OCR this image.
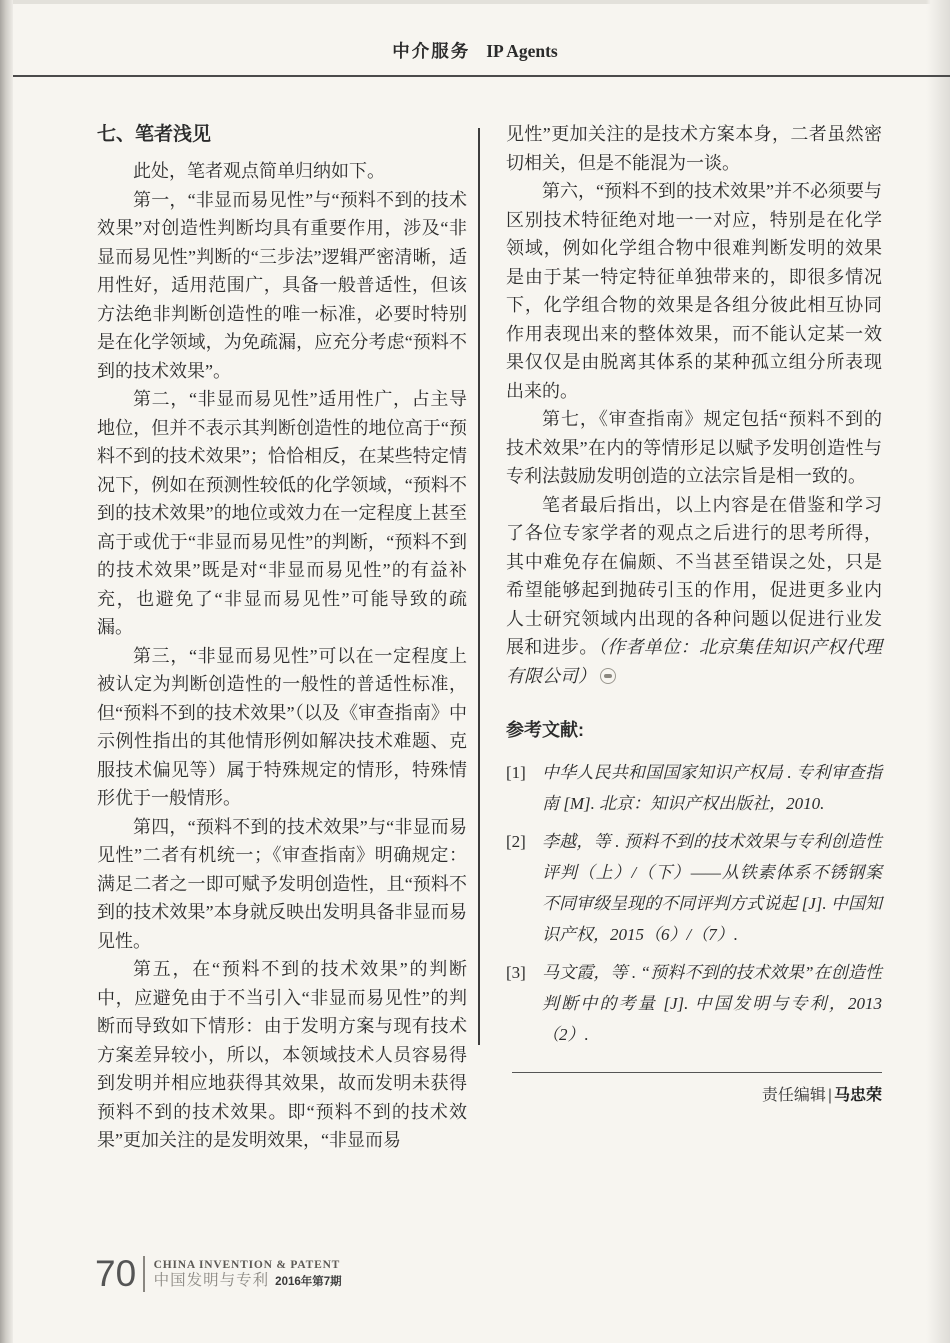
中介服务 IP Agents
七、笔者浅见

此处，笔者观点简单归纳如下。

第一，“非显而易见性”与“预料不到的技术效果”对创造性判断均具有重要作用，涉及“非显而易见性”判断的“三步法”逻辑严密清晰，适用性好，适用范围广，具备一般普适性，但该方法绝非判断创造性的唯一标准，必要时特别是在化学领域，为免疏漏，应充分考虑“预料不到的技术效果”。

第二，“非显而易见性”适用性广，占主导地位，但并不表示其判断创造性的地位高于“预料不到的技术效果”；恰恰相反，在某些特定情况下，例如在预测性较低的化学领域，“预料不到的技术效果”的地位或效力在一定程度上甚至高于或优于“非显而易见性”的判断，“预料不到的技术效果”既是对“非显而易见性”的有益补充，也避免了“非显而易见性”可能导致的疏漏。

第三，“非显而易见性”可以在一定程度上被认定为判断创造性的一般性的普适性标准，但“预料不到的技术效果”（以及《审查指南》中示例性指出的其他情形例如解决技术难题、克服技术偏见等）属于特殊规定的情形，特殊情形优于一般情形。

第四，“预料不到的技术效果”与“非显而易见性”二者有机统一；《审查指南》明确规定：满足二者之一即可赋予发明创造性，且“预料不到的技术效果”本身就反映出发明具备非显而易见性。

第五，在“预料不到的技术效果”的判断中，应避免由于不当引入“非显而易见性”的判断而导致如下情形：由于发明方案与现有技术方案差异较小，所以，本领域技术人员容易得到发明并相应地获得其效果，故而发明未获得预料不到的技术效果。即“预料不到的技术效果”更加关注的是发明效果，“非显而易

见性”更加关注的是技术方案本身，二者虽然密切相关，但是不能混为一谈。

第六，“预料不到的技术效果”并不必须要与区别技术特征绝对地一一对应，特别是在化学领域，例如化学组合物中很难判断发明的效果是由于某一特定特征单独带来的，即很多情况下，化学组合物的效果是各组分彼此相互协同作用表现出来的整体效果，而不能认定某一效果仅仅是由脱离其体系的某种孤立组分所表现出来的。

第七，《审查指南》规定包括“预料不到的技术效果”在内的等情形足以赋予发明创造性与专利法鼓励发明创造的立法宗旨是相一致的。

笔者最后指出，以上内容是在借鉴和学习了各位专家学者的观点之后进行的思考所得，其中难免存在偏颇、不当甚至错误之处，只是希望能够起到抛砖引玉的作用，促进更多业内人士研究领域内出现的各种问题以促进行业发展和进步。（作者单位：北京集佳知识产权代理有限公司）

参考文献:
[1] 中华人民共和国国家知识产权局 . 专利审查指南 [M]. 北京：知识产权出版社，2010.
[2] 李越，等 . 预料不到的技术效果与专利创造性评判（上）/（下）——从铁素体系不锈钢案不同审级呈现的不同评判方式说起 [J]. 中国知识产权，2015（6）/（7）.
[3] 马文霞，等 . “预料不到的技术效果”在创造性判断中的考量 [J]. 中国发明与专利，2013（2）.
责任编辑 | 马忠荣
70 CHINA INVENTION & PATENT
中国发明与专利 2016年第7期
